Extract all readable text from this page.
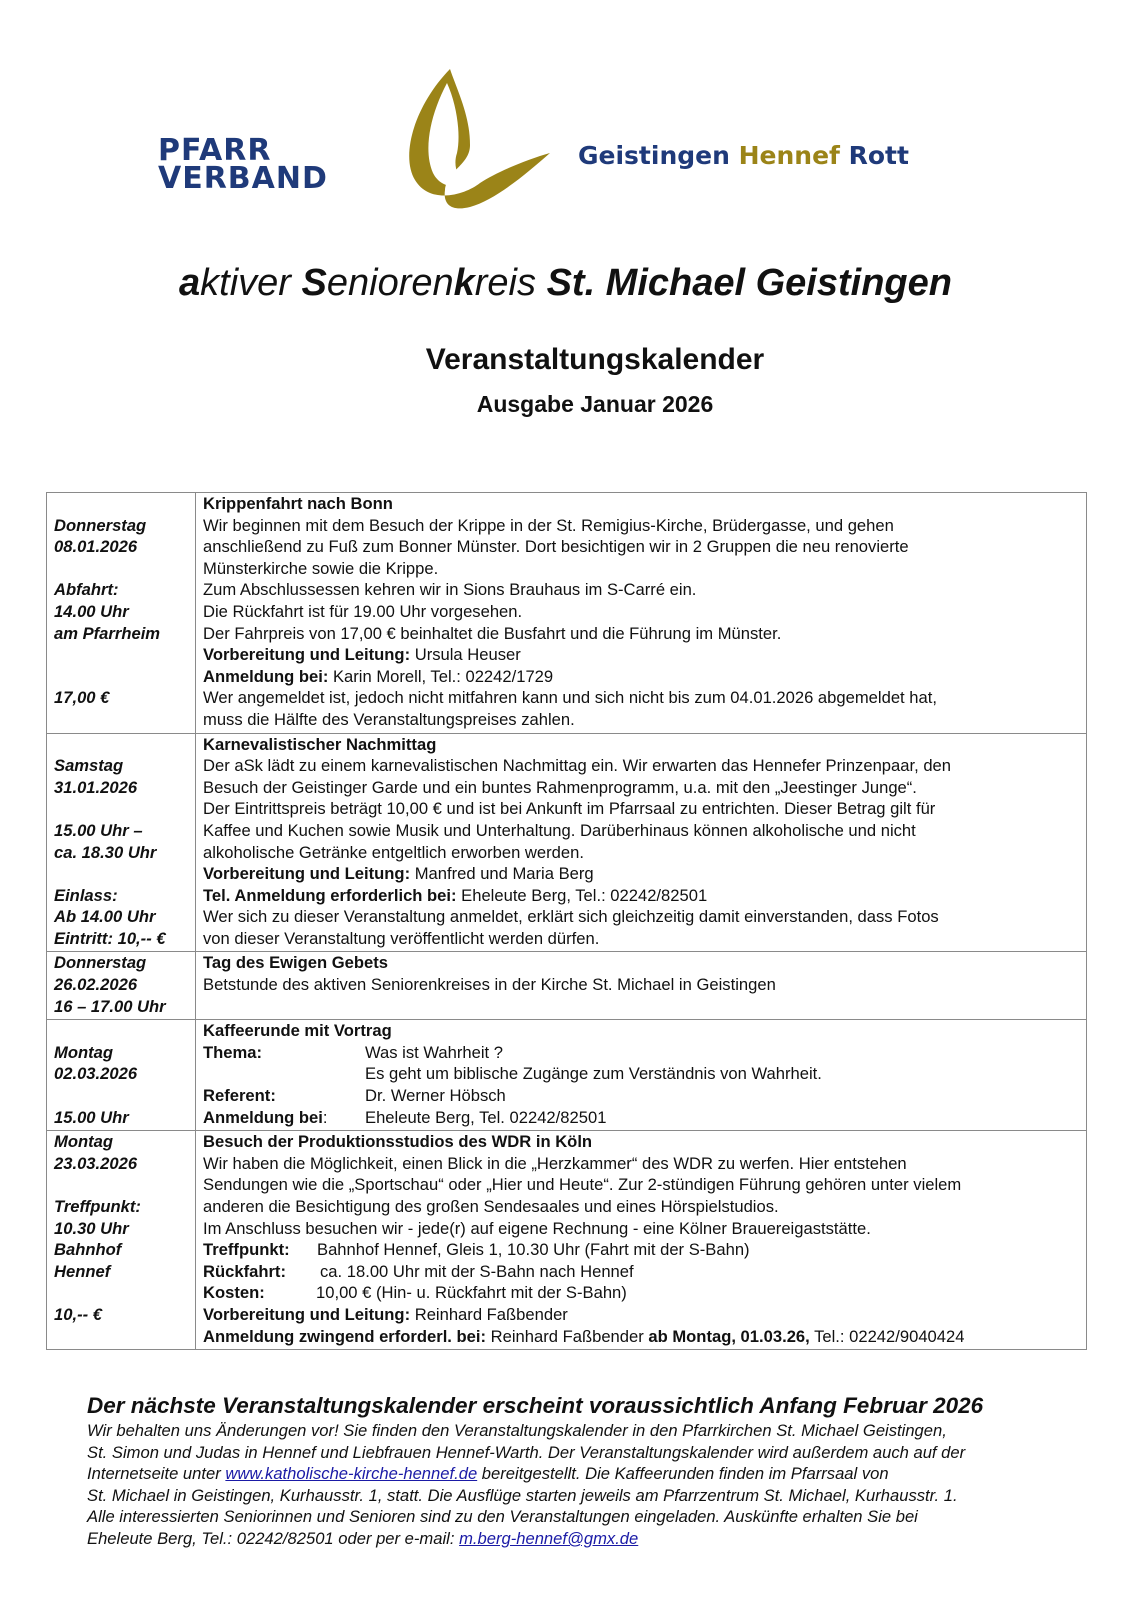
PFARR
VERBAND
Geistingen Hennef Rott
aktiver Seniorenkreis St. Michael Geistingen
Veranstaltungskalender
Ausgabe Januar 2026
Donnerstag
08.01.2026
Abfahrt:
14.00 Uhr
am Pfarrheim
17,00 €

Krippenfahrt nach Bonn
Wir beginnen mit dem Besuch der Krippe in der St. Remigius-Kirche, Brüdergasse, und gehen
anschließend zu Fuß zum Bonner Münster. Dort besichtigen wir in 2 Gruppen die neu renovierte
Münsterkirche sowie die Krippe.
Zum Abschlussessen kehren wir in Sions Brauhaus im S-Carré ein.
Die Rückfahrt ist für 19.00 Uhr vorgesehen.
Der Fahrpreis von 17,00 € beinhaltet die Busfahrt und die Führung im Münster.
Vorbereitung und Leitung: Ursula Heuser
Anmeldung bei: Karin Morell, Tel.: 02242/1729
Wer angemeldet ist, jedoch nicht mitfahren kann und sich nicht bis zum 04.01.2026 abgemeldet hat,
muss die Hälfte des Veranstaltungspreises zahlen.

Samstag
31.01.2026
15.00 Uhr –
ca. 18.30 Uhr
Einlass:
Ab 14.00 Uhr
Eintritt: 10,-- €

Karnevalistischer Nachmittag
Der aSk lädt zu einem karnevalistischen Nachmittag ein. Wir erwarten das Hennefer Prinzenpaar, den
Besuch der Geistinger Garde und ein buntes Rahmenprogramm, u.a. mit den „Jeestinger Junge“.
Der Eintrittspreis beträgt 10,00 € und ist bei Ankunft im Pfarrsaal zu entrichten. Dieser Betrag gilt für
Kaffee und Kuchen sowie Musik und Unterhaltung. Darüberhinaus können alkoholische und nicht
alkoholische Getränke entgeltlich erworben werden.
Vorbereitung und Leitung: Manfred und Maria Berg
Tel. Anmeldung erforderlich bei: Eheleute Berg, Tel.: 02242/82501
Wer sich zu dieser Veranstaltung anmeldet, erklärt sich gleichzeitig damit einverstanden, dass Fotos
von dieser Veranstaltung veröffentlicht werden dürfen.

Donnerstag
26.02.2026
16 – 17.00 Uhr	Tag des Ewigen Gebets
Betstunde des aktiven Seniorenkreises in der Kirche St. Michael in Geistingen

Montag
02.03.2026
15.00 Uhr

Kaffeerunde mit Vortrag
Thema:	Was ist Wahrheit ?
Es geht um biblische Zugänge zum Verständnis von Wahrheit.
Referent:	Dr. Werner Höbsch
Anmeldung bei:	Eheleute Berg, Tel. 02242/82501

Montag
23.03.2026
Treffpunkt:
10.30 Uhr
Bahnhof
Hennef
10,-- €

Besuch der Produktionsstudios des WDR in Köln
Wir haben die Möglichkeit, einen Blick in die „Herzkammer“ des WDR zu werfen. Hier entstehen
Sendungen wie die „Sportschau“ oder „Hier und Heute“. Zur 2-stündigen Führung gehören unter vielem
anderen die Besichtigung des großen Sendesaales und eines Hörspielstudios.
Im Anschluss besuchen wir - jede(r) auf eigene Rechnung - eine Kölner Brauereigaststätte.
Treffpunkt:	Bahnhof Hennef, Gleis 1, 10.30 Uhr (Fahrt mit der S-Bahn)
Rückfahrt:	ca. 18.00 Uhr mit der S-Bahn nach Hennef
Kosten:	10,00 € (Hin- u. Rückfahrt mit der S-Bahn)
Vorbereitung und Leitung: Reinhard Faßbender
Anmeldung zwingend erforderl. bei: Reinhard Faßbender ab Montag, 01.03.26, Tel.: 02242/9040424
Der nächste Veranstaltungskalender erscheint voraussichtlich Anfang Februar 2026
Wir behalten uns Änderungen vor! Sie finden den Veranstaltungskalender in den Pfarrkirchen St. Michael Geistingen,
St. Simon und Judas in Hennef und Liebfrauen Hennef-Warth. Der Veranstaltungskalender wird außerdem auch auf der
Internetseite unter www.katholische-kirche-hennef.de bereitgestellt. Die Kaffeerunden finden im Pfarrsaal von
St. Michael in Geistingen, Kurhausstr. 1, statt. Die Ausflüge starten jeweils am Pfarrzentrum St. Michael, Kurhausstr. 1.
Alle interessierten Seniorinnen und Senioren sind zu den Veranstaltungen eingeladen. Auskünfte erhalten Sie bei
Eheleute Berg, Tel.: 02242/82501 oder per e-mail: m.berg-hennef@gmx.de
